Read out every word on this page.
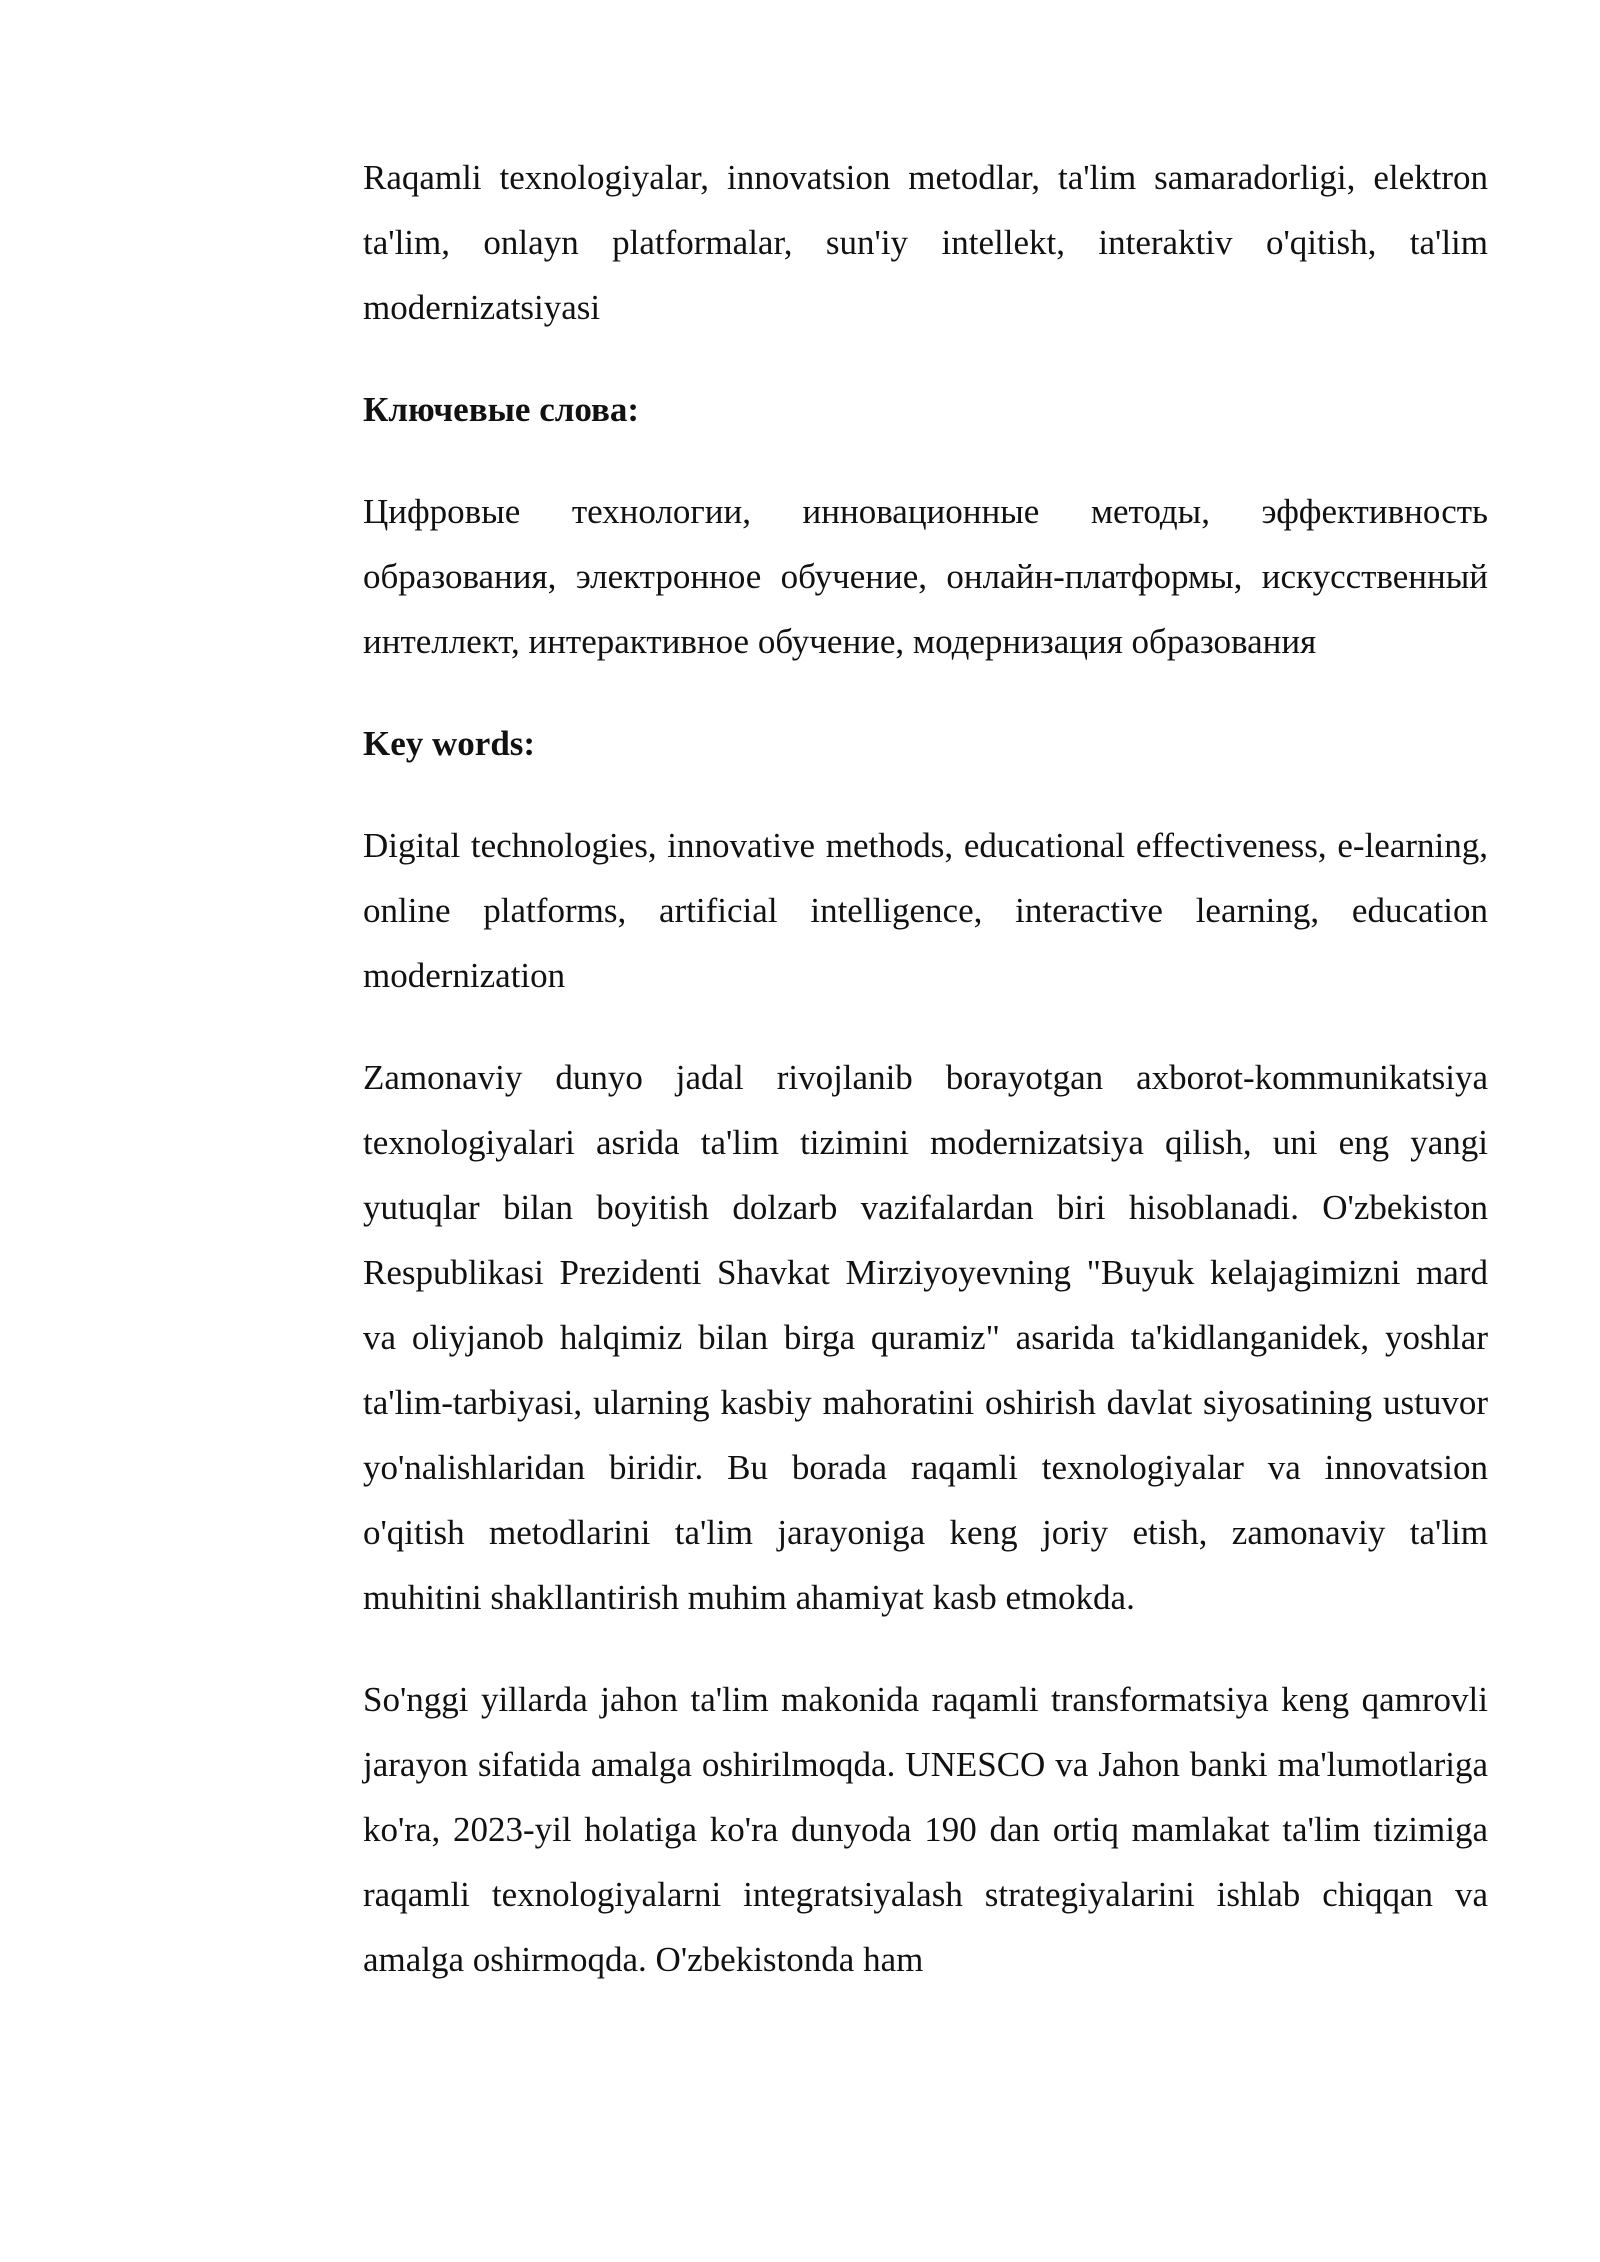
Raqamli texnologiyalar, innovatsion metodlar, ta'lim samaradorligi, elektron ta'lim, onlayn platformalar, sun'iy intellekt, interaktiv o'qitish, ta'lim modernizatsiyasi

Ключевые слова:

Цифровые технологии, инновационные методы, эффективность образования, электронное обучение, онлайн-платформы, искусственный интеллект, интерактивное обучение, модернизация образования

Key words:

Digital technologies, innovative methods, educational effectiveness, e-learning, online platforms, artificial intelligence, interactive learning, education modernization

Zamonaviy dunyo jadal rivojlanib borayotgan axborot-kommunikatsiya texnologiyalari asrida ta'lim tizimini modernizatsiya qilish, uni eng yangi yutuqlar bilan boyitish dolzarb vazifalardan biri hisoblanadi. O'zbekiston Respublikasi Prezidenti Shavkat Mirziyoyevning "Buyuk kelajagimizni mard va oliyjanob halqimiz bilan birga quramiz" asarida ta'kidlanganidek, yoshlar ta'lim-tarbiyasi, ularning kasbiy mahoratini oshirish davlat siyosatining ustuvor yo'nalishlaridan biridir. Bu borada raqamli texnologiyalar va innovatsion o'qitish metodlarini ta'lim jarayoniga keng joriy etish, zamonaviy ta'lim muhitini shakllantirish muhim ahamiyat kasb etmokda.

So'nggi yillarda jahon ta'lim makonida raqamli transformatsiya keng qamrovli jarayon sifatida amalga oshirilmoqda. UNESCO va Jahon banki ma'lumotlariga ko'ra, 2023-yil holatiga ko'ra dunyoda 190 dan ortiq mamlakat ta'lim tizimiga raqamli texnologiyalarni integratsiyalash strategiyalarini ishlab chiqqan va amalga oshirmoqda. O'zbekistonda ham
